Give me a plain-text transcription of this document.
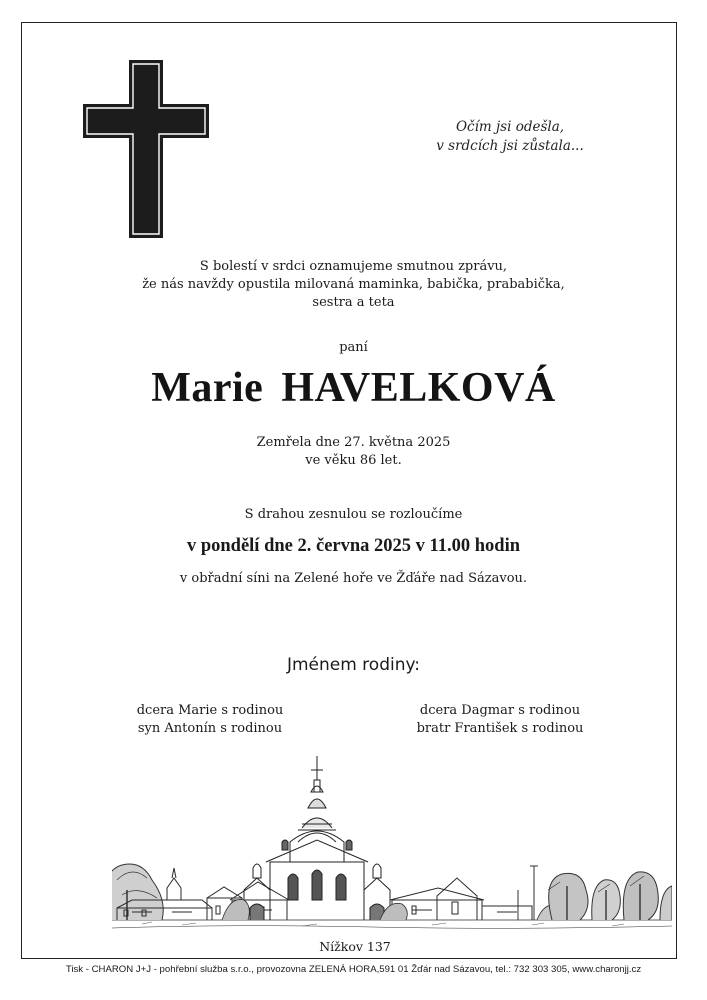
Očím jsi odešla,
v srdcích jsi zůstala...
S bolestí v srdci oznamujeme smutnou zprávu,
že nás navždy opustila milovaná maminka, babička, prababička,
sestra a teta
paní
Marie HAVELKOVÁ
Zemřela dne 27. května 2025
ve věku 86 let.
S drahou zesnulou se rozloučíme
v pondělí dne 2. června 2025 v 11.00 hodin
v obřadní síni na Zelené hoře ve Žďáře nad Sázavou.
Jménem rodiny:
dcera Marie s rodinou
syn Antonín s rodinou
dcera Dagmar s rodinou
bratr František s rodinou
Nížkov 137
Tisk - CHARON J+J - pohřební služba s.r.o., provozovna ZELENÁ HORA,591 01 Žďár nad Sázavou, tel.: 732 303 305, www.charonjj.cz
